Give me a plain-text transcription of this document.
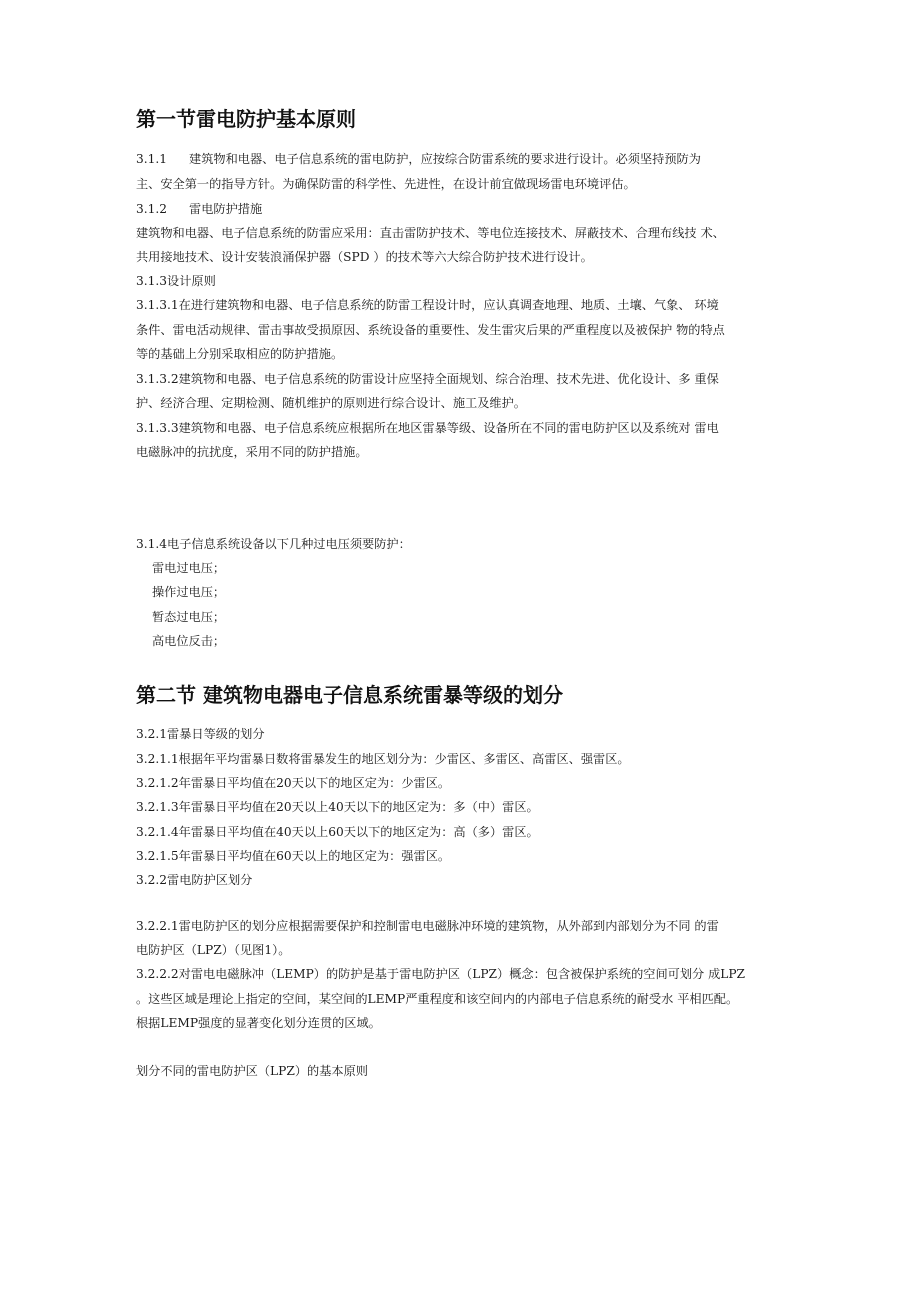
第一节雷电防护基本原则

3.1.1 建筑物和电器、电子信息系统的雷电防护，应按综合防雷系统的要求进行设计。必须坚持预防为

主、安全第一的指导方针。为确保防雷的科学性、先进性，在设计前宜做现场雷电环境评估。

3.1.2 雷电防护措施

建筑物和电器、电子信息系统的防雷应采用：直击雷防护技术、等电位连接技术、屏蔽技术、合理布线技 术、

共用接地技术、设计安装浪涌保护器（SPD ）的技术等六大综合防护技术进行设计。

3.1.3设计原则

3.1.3.1在进行建筑物和电器、电子信息系统的防雷工程设计时，应认真调查地理、地质、土壤、气象、 环境

条件、雷电活动规律、雷击事故受损原因、系统设备的重要性、发生雷灾后果的严重程度以及被保护 物的特点

等的基础上分别采取相应的防护措施。

3.1.3.2建筑物和电器、电子信息系统的防雷设计应坚持全面规划、综合治理、技术先进、优化设计、多 重保

护、经济合理、定期检测、随机维护的原则进行综合设计、施工及维护。

3.1.3.3建筑物和电器、电子信息系统应根据所在地区雷暴等级、设备所在不同的雷电防护区以及系统对 雷电

电磁脉冲的抗扰度，采用不同的防护措施。

3.1.4电子信息系统设备以下几种过电压须要防护：

雷电过电压；

操作过电压；

暂态过电压；

高电位反击；

第二节 建筑物电器电子信息系统雷暴等级的划分

3.2.1雷暴日等级的划分

3.2.1.1根据年平均雷暴日数将雷暴发生的地区划分为：少雷区、多雷区、高雷区、强雷区。

3.2.1.2年雷暴日平均值在20天以下的地区定为：少雷区。

3.2.1.3年雷暴日平均值在20天以上40天以下的地区定为：多（中）雷区。

3.2.1.4年雷暴日平均值在40天以上60天以下的地区定为：高（多）雷区。

3.2.1.5年雷暴日平均值在60天以上的地区定为：强雷区。

3.2.2雷电防护区划分

3.2.2.1雷电防护区的划分应根据需要保护和控制雷电电磁脉冲环境的建筑物，从外部到内部划分为不同 的雷

电防护区（LPZ）（见图1）。

3.2.2.2对雷电电磁脉冲（LEMP）的防护是基于雷电防护区（LPZ）概念：包含被保护系统的空间可划分 成LPZ

。这些区域是理论上指定的空间，某空间的LEMP严重程度和该空间内的内部电子信息系统的耐受水 平相匹配。

根据LEMP强度的显著变化划分连贯的区域。

划分不同的雷电防护区（LPZ）的基本原则
